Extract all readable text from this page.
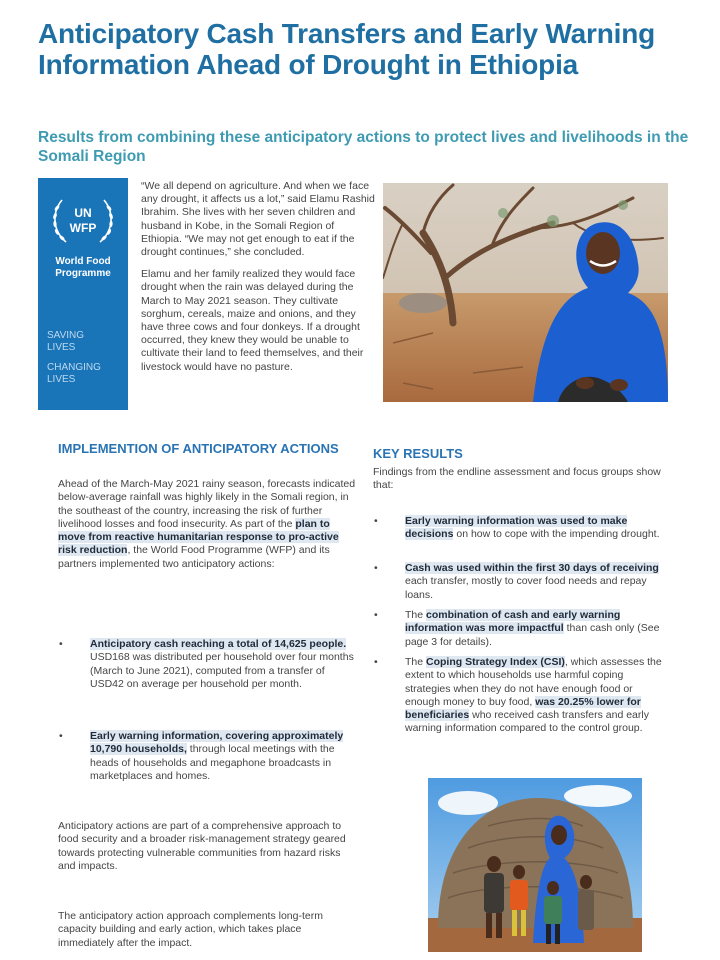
Anticipatory Cash Transfers and Early Warning Information Ahead of Drought in Ethiopia
Results from combining these anticipatory actions to protect lives and livelihoods in the Somali Region
UN
WFP
World Food
Programme
SAVING
LIVES
CHANGING
LIVES

“We all depend on agriculture. And when we face any drought, it affects us a lot,” said Elamu Rashid Ibrahim. She lives with her seven children and husband in Kobe, in the Somali Region of Ethiopia. “We may not get enough to eat if the drought continues,” she concluded.

Elamu and her family realized they would face drought when the rain was delayed during the March to May 2021 season. They cultivate sorghum, cereals, maize and onions, and they have three cows and four donkeys. If a drought occurred, they knew they would be unable to cultivate their land to feed themselves, and their livestock would have no pasture.

IMPLEMENTION OF ANTICIPATORY ACTIONS

Ahead of the March-May 2021 rainy season, forecasts indicated below-average rainfall was highly likely in the Somali region, in the southeast of the country, increasing the risk of further livelihood losses and food insecurity. As part of the plan to move from reactive humanitarian response to pro-active risk reduction, the World Food Programme (WFP) and its partners implemented two anticipatory actions:

•	Anticipatory cash reaching a total of 14,625 people. USD168 was distributed per household over four months (March to June 2021), computed from a transfer of USD42 on average per household per month.
•	Early warning information, covering approximately 10,790 households, through local meetings with the heads of households and megaphone broadcasts in marketplaces and homes.

Anticipatory actions are part of a comprehensive approach to food security and a broader risk-management strategy geared towards protecting vulnerable communities from hazard risks and impacts.

The anticipatory action approach complements long-term capacity building and early action, which takes place immediately after the impact.

KEY RESULTS

Findings from the endline assessment and focus groups show that:

•	Early warning information was used to make decisions on how to cope with the impending drought.
•	Cash was used within the first 30 days of receiving each transfer, mostly to cover food needs and repay loans.
•	The combination of cash and early warning information was more impactful than cash only (See page 3 for details).
•	The Coping Strategy Index (CSI), which assesses the extent to which households use harmful coping strategies when they do not have enough food or enough money to buy food, was 20.25% lower for beneficiaries who received cash transfers and early warning information compared to the control group.
